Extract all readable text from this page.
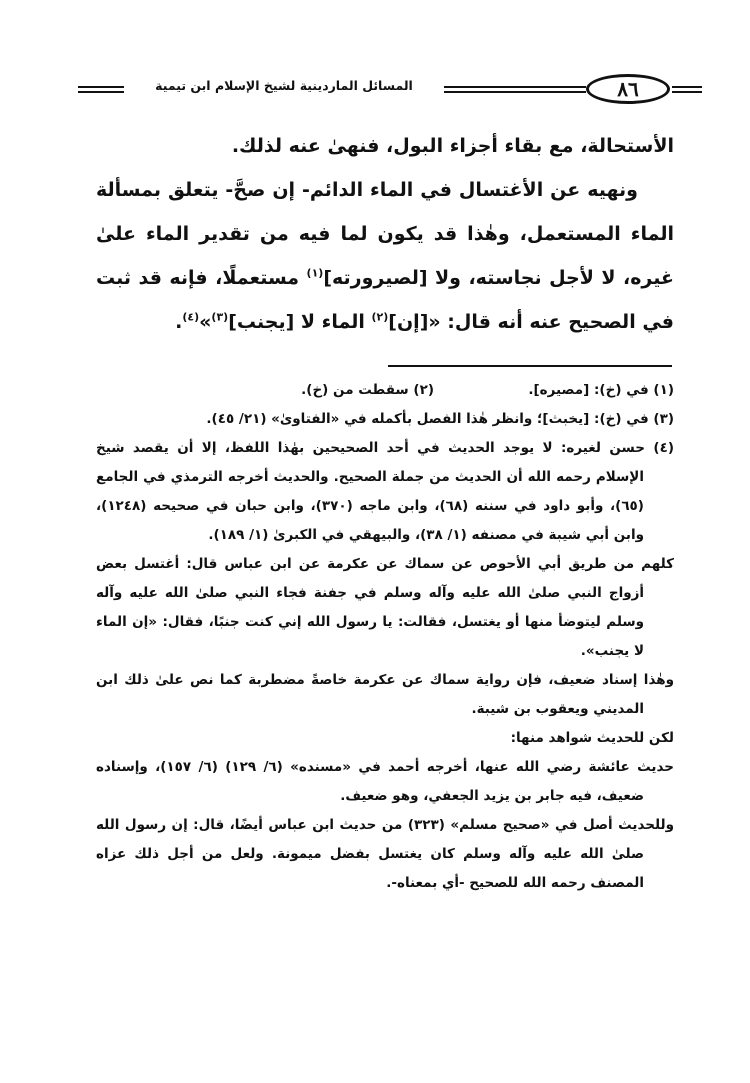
٨٦
المسائل الماردينية لشيخ الإسلام ابن تيمية

الأستحالة، مع بقاء أجزاء البول، فنهىٰ عنه لذلك.

ونهيه عن الأغتسال في الماء الدائم- إن صحَّ- يتعلق بمسألة الماء المستعمل، وهٰذا قد يكون لما فيه من تقدير الماء علىٰ غيره، لا لأجل نجاسته، ولا [لصيرورته]$^{(١)}$ مستعملًا، فإنه قد ثبت في الصحيح عنه أنه قال: «[إن]$^{(٢)}$ الماء لا [يجنب]$^{(٣)}$»$^{(٤)}$.

(١) في (خ): [مصيره].
(٢) سقطت من (خ).

(٣) في (خ): [يخبث]؛ وانظر هٰذا الفصل بأكمله في «الفتاوىٰ» (٢١/ ٤٥).

(٤) حسن لغيره: لا يوجد الحديث في أحد الصحيحين بهٰذا اللفظ، إلا أن يقصد شيخ الإسلام رحمه الله أن الحديث من جملة الصحيح. والحديث أخرجه الترمذي في الجامع (٦٥)، وأبو داود في سننه (٦٨)، وابن ماجه (٣٧٠)، وابن حبان في صحيحه (١٢٤٨)، وابن أبي شيبة في مصنفه (١/ ٣٨)، والبيهقي في الكبرىٰ (١/ ١٨٩).

كلهم من طريق أبي الأحوص عن سماك عن عكرمة عن ابن عباس قال: أغتسل بعض أزواج النبي صلىٰ الله عليه وآله وسلم في جفنة فجاء النبي صلىٰ الله عليه وآله وسلم ليتوضأ منها أو يغتسل، فقالت: يا رسول الله إني كنت جنبًا، فقال: «إن الماء لا يجنب».

وهٰذا إسناد ضعيف، فإن رواية سماك عن عكرمة خاصةً مضطربة كما نص علىٰ ذلك ابن المديني ويعقوب بن شيبة.

لكن للحديث شواهد منها:

حديث عائشة رضي الله عنها، أخرجه أحمد في «مسنده» (٦/ ١٢٩) (٦/ ١٥٧)، وإسناده ضعيف، فيه جابر بن يزيد الجعفي، وهو ضعيف.

وللحديث أصل في «صحيح مسلم» (٣٢٣) من حديث ابن عباس أيضًا، قال: إن رسول الله صلىٰ الله عليه وآله وسلم كان يغتسل بفضل ميمونة. ولعل من أجل ذلك عزاه المصنف رحمه الله للصحيح -أي بمعناه-.
